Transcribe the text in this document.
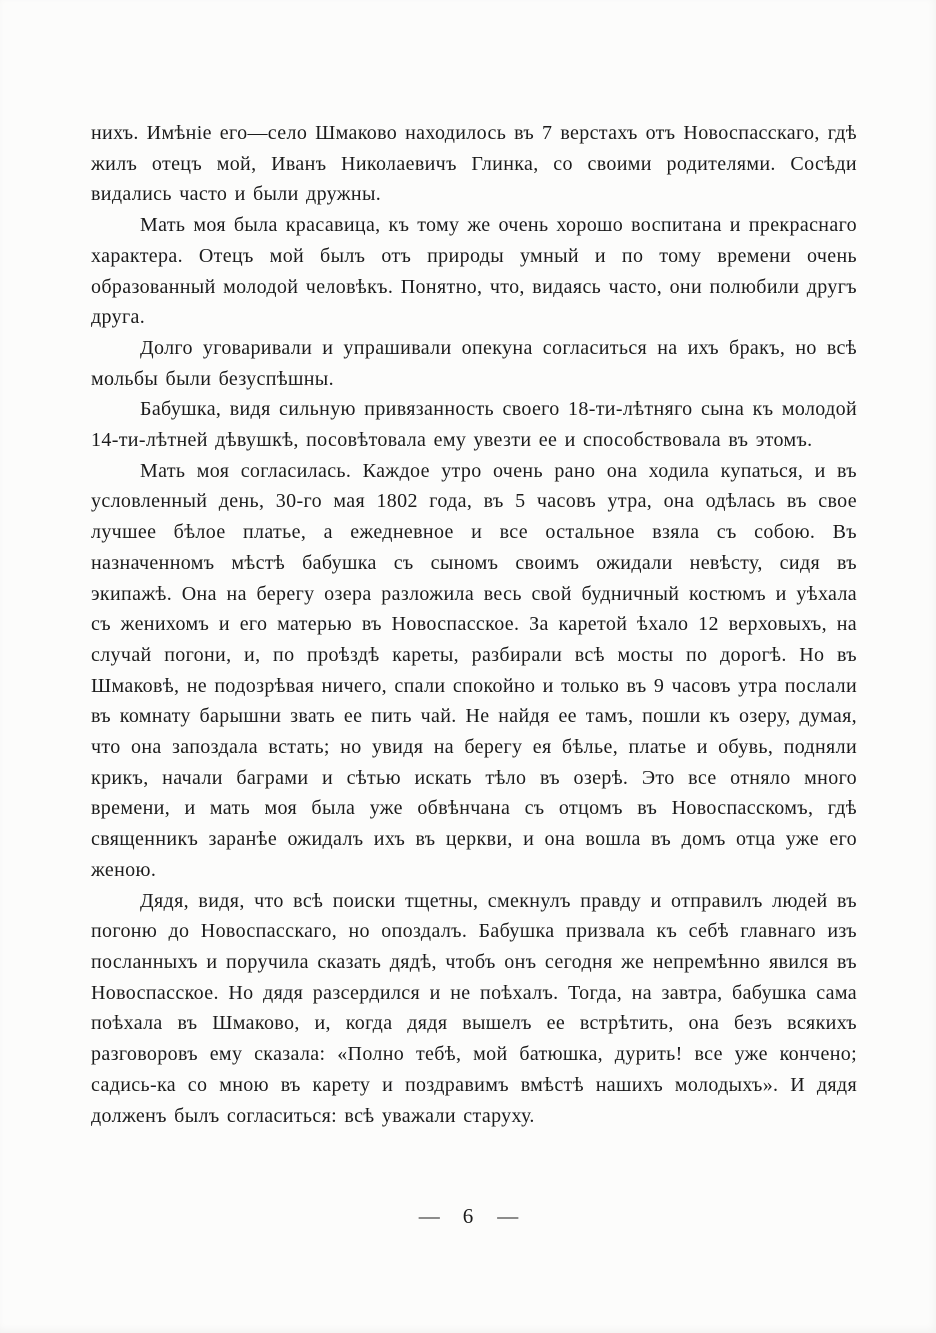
нихъ. Имѣніе его—село Шмаково находилось въ 7 верстахъ отъ Новоспасскаго, гдѣ жилъ отецъ мой, Иванъ Николаевичъ Глинка, со своими родителями. Сосѣди видались часто и были дружны.

Мать моя была красавица, къ тому же очень хорошо воспитана и прекраснаго характера. Отецъ мой былъ отъ природы умный и по тому времени очень образованный молодой человѣкъ. Понятно, что, видаясь часто, они полюбили другъ друга.

Долго уговаривали и упрашивали опекуна согласиться на ихъ бракъ, но всѣ мольбы были безуспѣшны.

Бабушка, видя сильную привязанность своего 18-ти-лѣтняго сына къ молодой 14-ти-лѣтней дѣвушкѣ, посовѣтовала ему увезти ее и способствовала въ этомъ.

Мать моя согласилась. Каждое утро очень рано она ходила купаться, и въ условленный день, 30-го мая 1802 года, въ 5 часовъ утра, она одѣлась въ свое лучшее бѣлое платье, а ежедневное и все остальное взяла съ собою. Въ назначенномъ мѣстѣ бабушка съ сыномъ своимъ ожидали невѣсту, сидя въ экипажѣ. Она на берегу озера разложила весь свой будничный костюмъ и уѣхала съ женихомъ и его матерью въ Новоспасское. За каретой ѣхало 12 верховыхъ, на случай погони, и, по проѣздѣ кареты, разбирали всѣ мосты по дорогѣ. Но въ Шмаковѣ, не подозрѣвая ничего, спали спокойно и только въ 9 часовъ утра послали въ комнату барышни звать ее пить чай. Не найдя ее тамъ, пошли къ озеру, думая, что она запоздала встать; но увидя на берегу ея бѣлье, платье и обувь, подняли крикъ, начали баграми и сѣтью искать тѣло въ озерѣ. Это все отняло много времени, и мать моя была уже обвѣнчана съ отцомъ въ Новоспасскомъ, гдѣ священникъ заранѣе ожидалъ ихъ въ церкви, и она вошла въ домъ отца уже его женою.

Дядя, видя, что всѣ поиски тщетны, смекнулъ правду и отправилъ людей въ погоню до Новоспасскаго, но опоздалъ. Бабушка призвала къ себѣ главнаго изъ посланныхъ и поручила сказать дядѣ, чтобъ онъ сегодня же непремѣнно явился въ Новоспасское. Но дядя разсердился и не поѣхалъ. Тогда, на завтра, бабушка сама поѣхала въ Шмаково, и, когда дядя вышелъ ее встрѣтить, она безъ всякихъ разговоровъ ему сказала: «Полно тебѣ, мой батюшка, дурить! все уже кончено; садись-ка со мною въ карету и поздравимъ вмѣстѣ нашихъ молодыхъ». И дядя долженъ былъ согласиться: всѣ уважали старуху.

— 6 —
